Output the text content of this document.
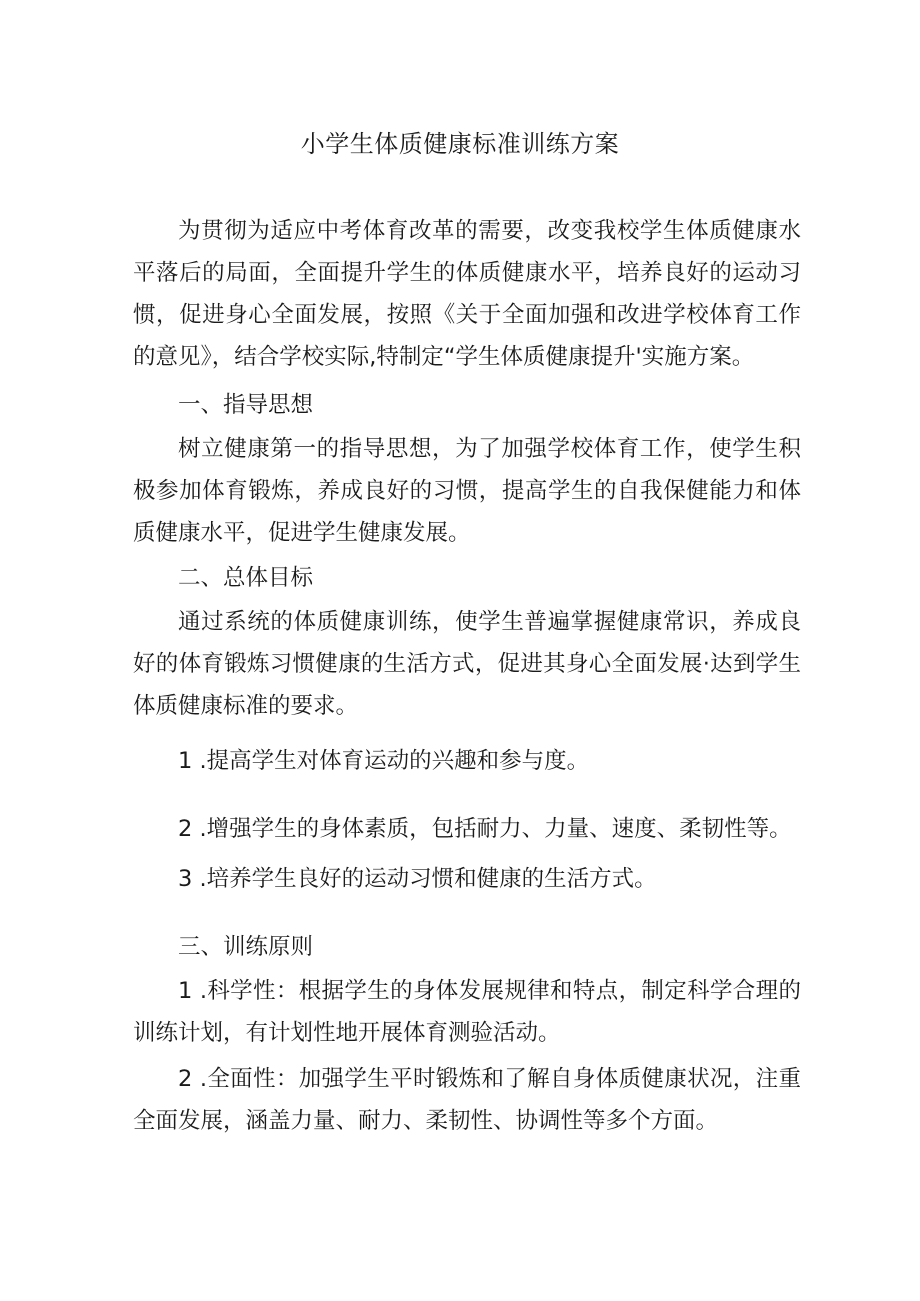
小学生体质健康标准训练方案
为贯彻为适应中考体育改革的需要，改变我校学生体质健康水平落后的局面，全面提升学生的体质健康水平，培养良好的运动习惯，促进身心全面发展，按照《关于全面加强和改进学校体育工作的意见》，结合学校实际,特制定“学生体质健康提升'实施方案。
一、指导思想
树立健康第一的指导思想，为了加强学校体育工作，使学生积极参加体育锻炼，养成良好的习惯，提高学生的自我保健能力和体质健康水平，促进学生健康发展。
二、总体目标
通过系统的体质健康训练，使学生普遍掌握健康常识，养成良好的体育锻炼习惯健康的生活方式，促进其身心全面发展·达到学生体质健康标准的要求。
1 .提高学生对体育运动的兴趣和参与度。
2 .增强学生的身体素质，包括耐力、力量、速度、柔韧性等。
3 .培养学生良好的运动习惯和健康的生活方式。
三、训练原则
1 .科学性：根据学生的身体发展规律和特点，制定科学合理的训练计划，有计划性地开展体育测验活动。
2 .全面性：加强学生平时锻炼和了解自身体质健康状况，注重全面发展，涵盖力量、耐力、柔韧性、协调性等多个方面。
